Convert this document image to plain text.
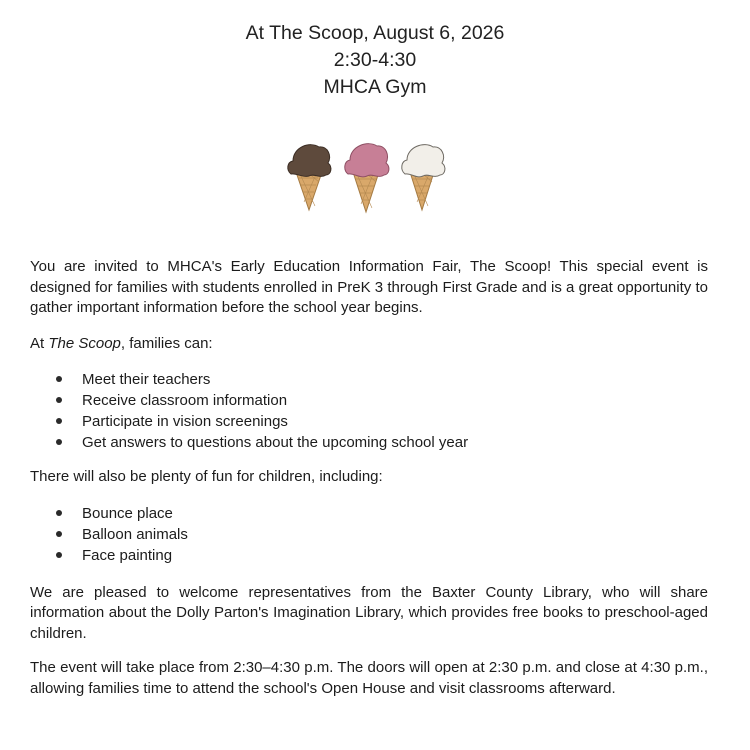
At The Scoop, August 6, 2026
2:30-4:30
MHCA Gym

You are invited to MHCA's Early Education Information Fair, The Scoop! This special event is designed for families with students enrolled in PreK 3 through First Grade and is a great opportunity to gather important information before the school year begins.

At The Scoop, families can:

Meet their teachers
Receive classroom information
Participate in vision screenings
Get answers to questions about the upcoming school year

There will also be plenty of fun for children, including:

Bounce place
Balloon animals
Face painting

We are pleased to welcome representatives from the Baxter County Library, who will share information about the Dolly Parton's Imagination Library, which provides free books to preschool-aged children.

The event will take place from 2:30–4:30 p.m. The doors will open at 2:30 p.m. and close at 4:30 p.m., allowing families time to attend the school's Open House and visit classrooms afterward.
